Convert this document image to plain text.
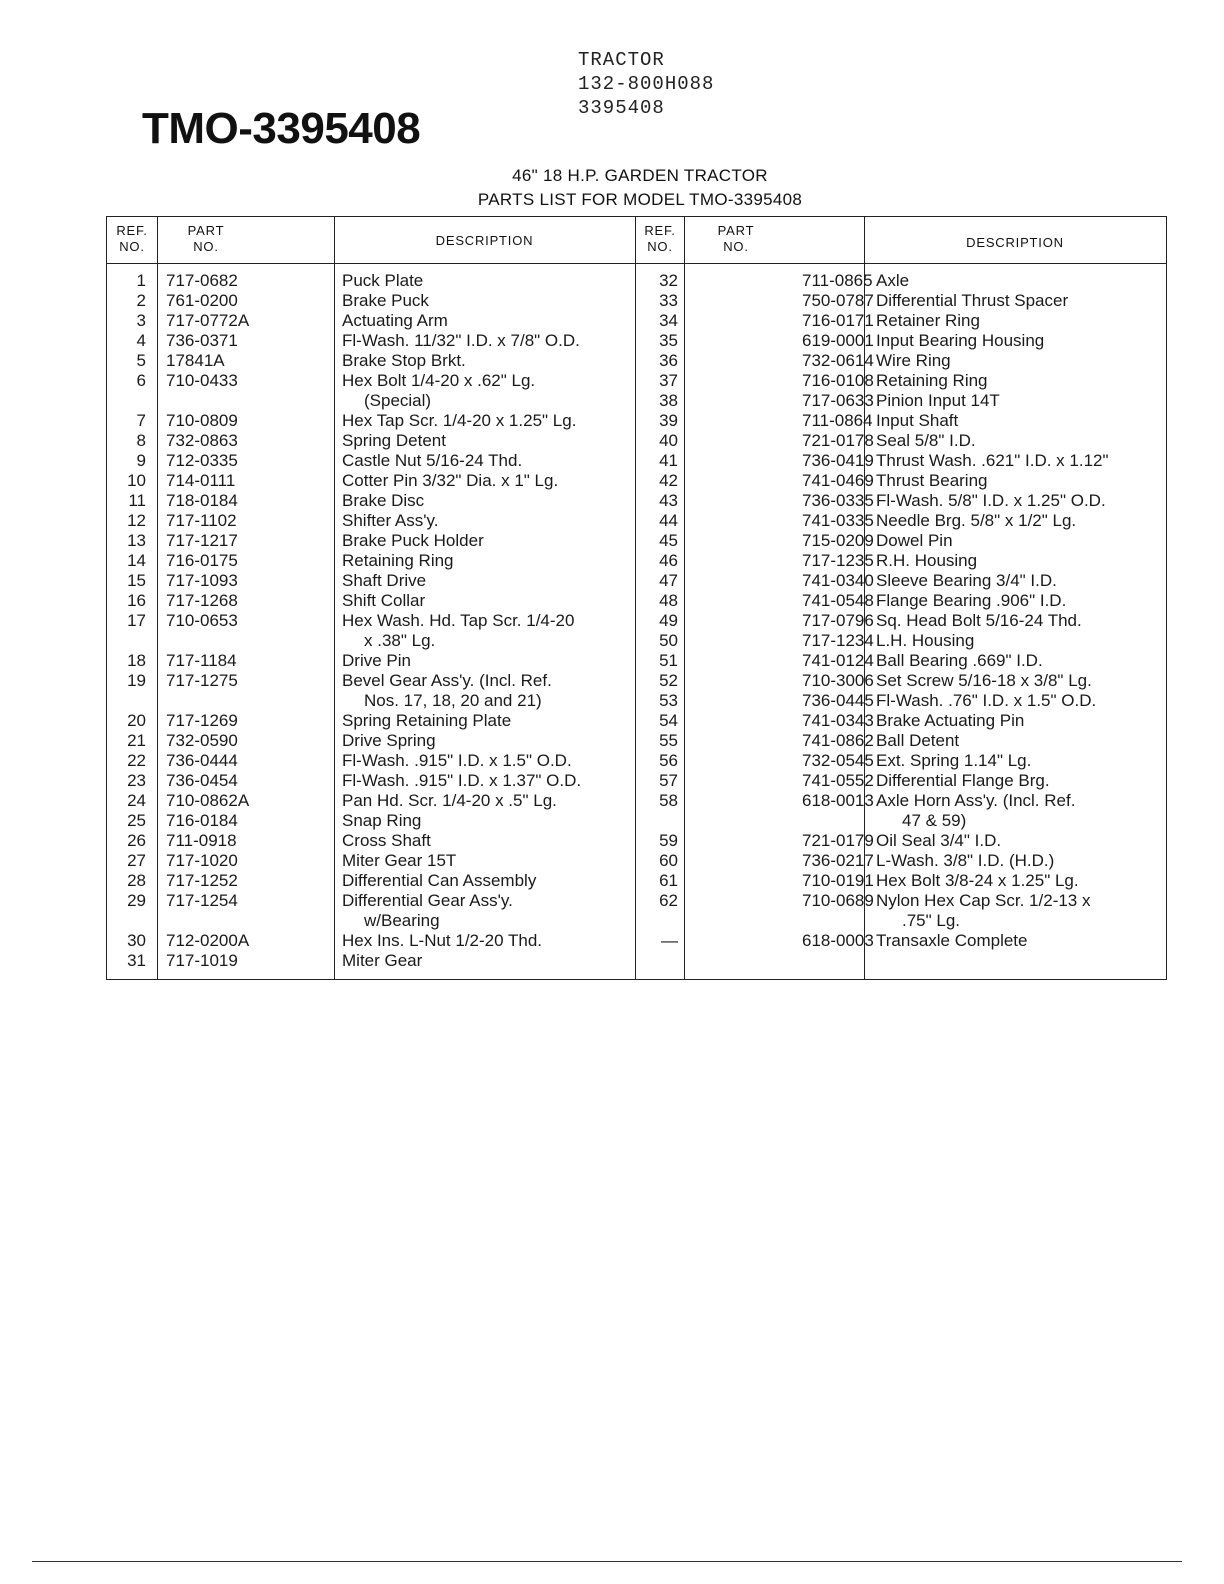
TRACTOR
132-800H088
3395408
TMO-3395408
46" 18 H.P. GARDEN TRACTOR
PARTS LIST FOR MODEL TMO-3395408
REF.
NO.
PART
NO.	DESCRIPTION
REF.
NO.
PART
NO.	DESCRIPTION
1 717-0682	Puck Plate
2 761-0200	Brake Puck
3 717-0772A	Actuating Arm
4 736-0371	Fl-Wash. 11/32" I.D. x 7/8" O.D.
5 17841A	Brake Stop Brkt.
6 710-0433	Hex Bolt 1/4-20 x .62" Lg.
(Special)
7 710-0809	Hex Tap Scr. 1/4-20 x 1.25" Lg.
8 732-0863	Spring Detent
9 712-0335	Castle Nut 5/16-24 Thd.
10 714-0111	Cotter Pin 3/32" Dia. x 1" Lg.
11 718-0184	Brake Disc
12 717-1102	Shifter Ass'y.
13 717-1217	Brake Puck Holder
14 716-0175	Retaining Ring
15 717-1093	Shaft Drive
16 717-1268	Shift Collar
17 710-0653	Hex Wash. Hd. Tap Scr. 1/4-20
x .38" Lg.
18 717-1184	Drive Pin
19 717-1275	Bevel Gear Ass'y. (Incl. Ref.
Nos. 17, 18, 20 and 21)
20 717-1269	Spring Retaining Plate
21 732-0590	Drive Spring
22 736-0444	Fl-Wash. .915" I.D. x 1.5" O.D.
23 736-0454	Fl-Wash. .915" I.D. x 1.37" O.D.
24 710-0862A	Pan Hd. Scr. 1/4-20 x .5" Lg.
25 716-0184	Snap Ring
26 711-0918	Cross Shaft
27 717-1020	Miter Gear 15T
28 717-1252	Differential Can Assembly
29 717-1254	Differential Gear Ass'y.
w/Bearing
30 712-0200A	Hex Ins. L-Nut 1/2-20 Thd.
31 717-1019	Miter Gear
32	711-0865 Axle
33	750-0787 Differential Thrust Spacer
34	716-0171 Retainer Ring
35	619-0001 Input Bearing Housing
36	732-0614 Wire Ring
37	716-0108 Retaining Ring
38	717-0633 Pinion Input 14T
39	711-0864 Input Shaft
40	721-0178 Seal 5/8" I.D.
41	736-0419 Thrust Wash. .621" I.D. x 1.12"
42	741-0469 Thrust Bearing
43	736-0335 Fl-Wash. 5/8" I.D. x 1.25" O.D.
44	741-0335 Needle Brg. 5/8" x 1/2" Lg.
45	715-0209 Dowel Pin
46	717-1235 R.H. Housing
47	741-0340 Sleeve Bearing 3/4" I.D.
48	741-0548 Flange Bearing .906" I.D.
49	717-0796 Sq. Head Bolt 5/16-24 Thd.
50	717-1234 L.H. Housing
51	741-0124 Ball Bearing .669" I.D.
52	710-3006 Set Screw 5/16-18 x 3/8" Lg.
53	736-0445 Fl-Wash. .76" I.D. x 1.5" O.D.
54	741-0343 Brake Actuating Pin
55	741-0862 Ball Detent
56	732-0545 Ext. Spring 1.14" Lg.
57	741-0552 Differential Flange Brg.
58	618-0013 Axle Horn Ass'y. (Incl. Ref.
47 & 59)
59	721-0179 Oil Seal 3/4" I.D.
60	736-0217 L-Wash. 3/8" I.D. (H.D.)
61	710-0191 Hex Bolt 3/8-24 x 1.25" Lg.
62	710-0689 Nylon Hex Cap Scr. 1/2-13 x
.75" Lg.
—	618-0003 Transaxle Complete
